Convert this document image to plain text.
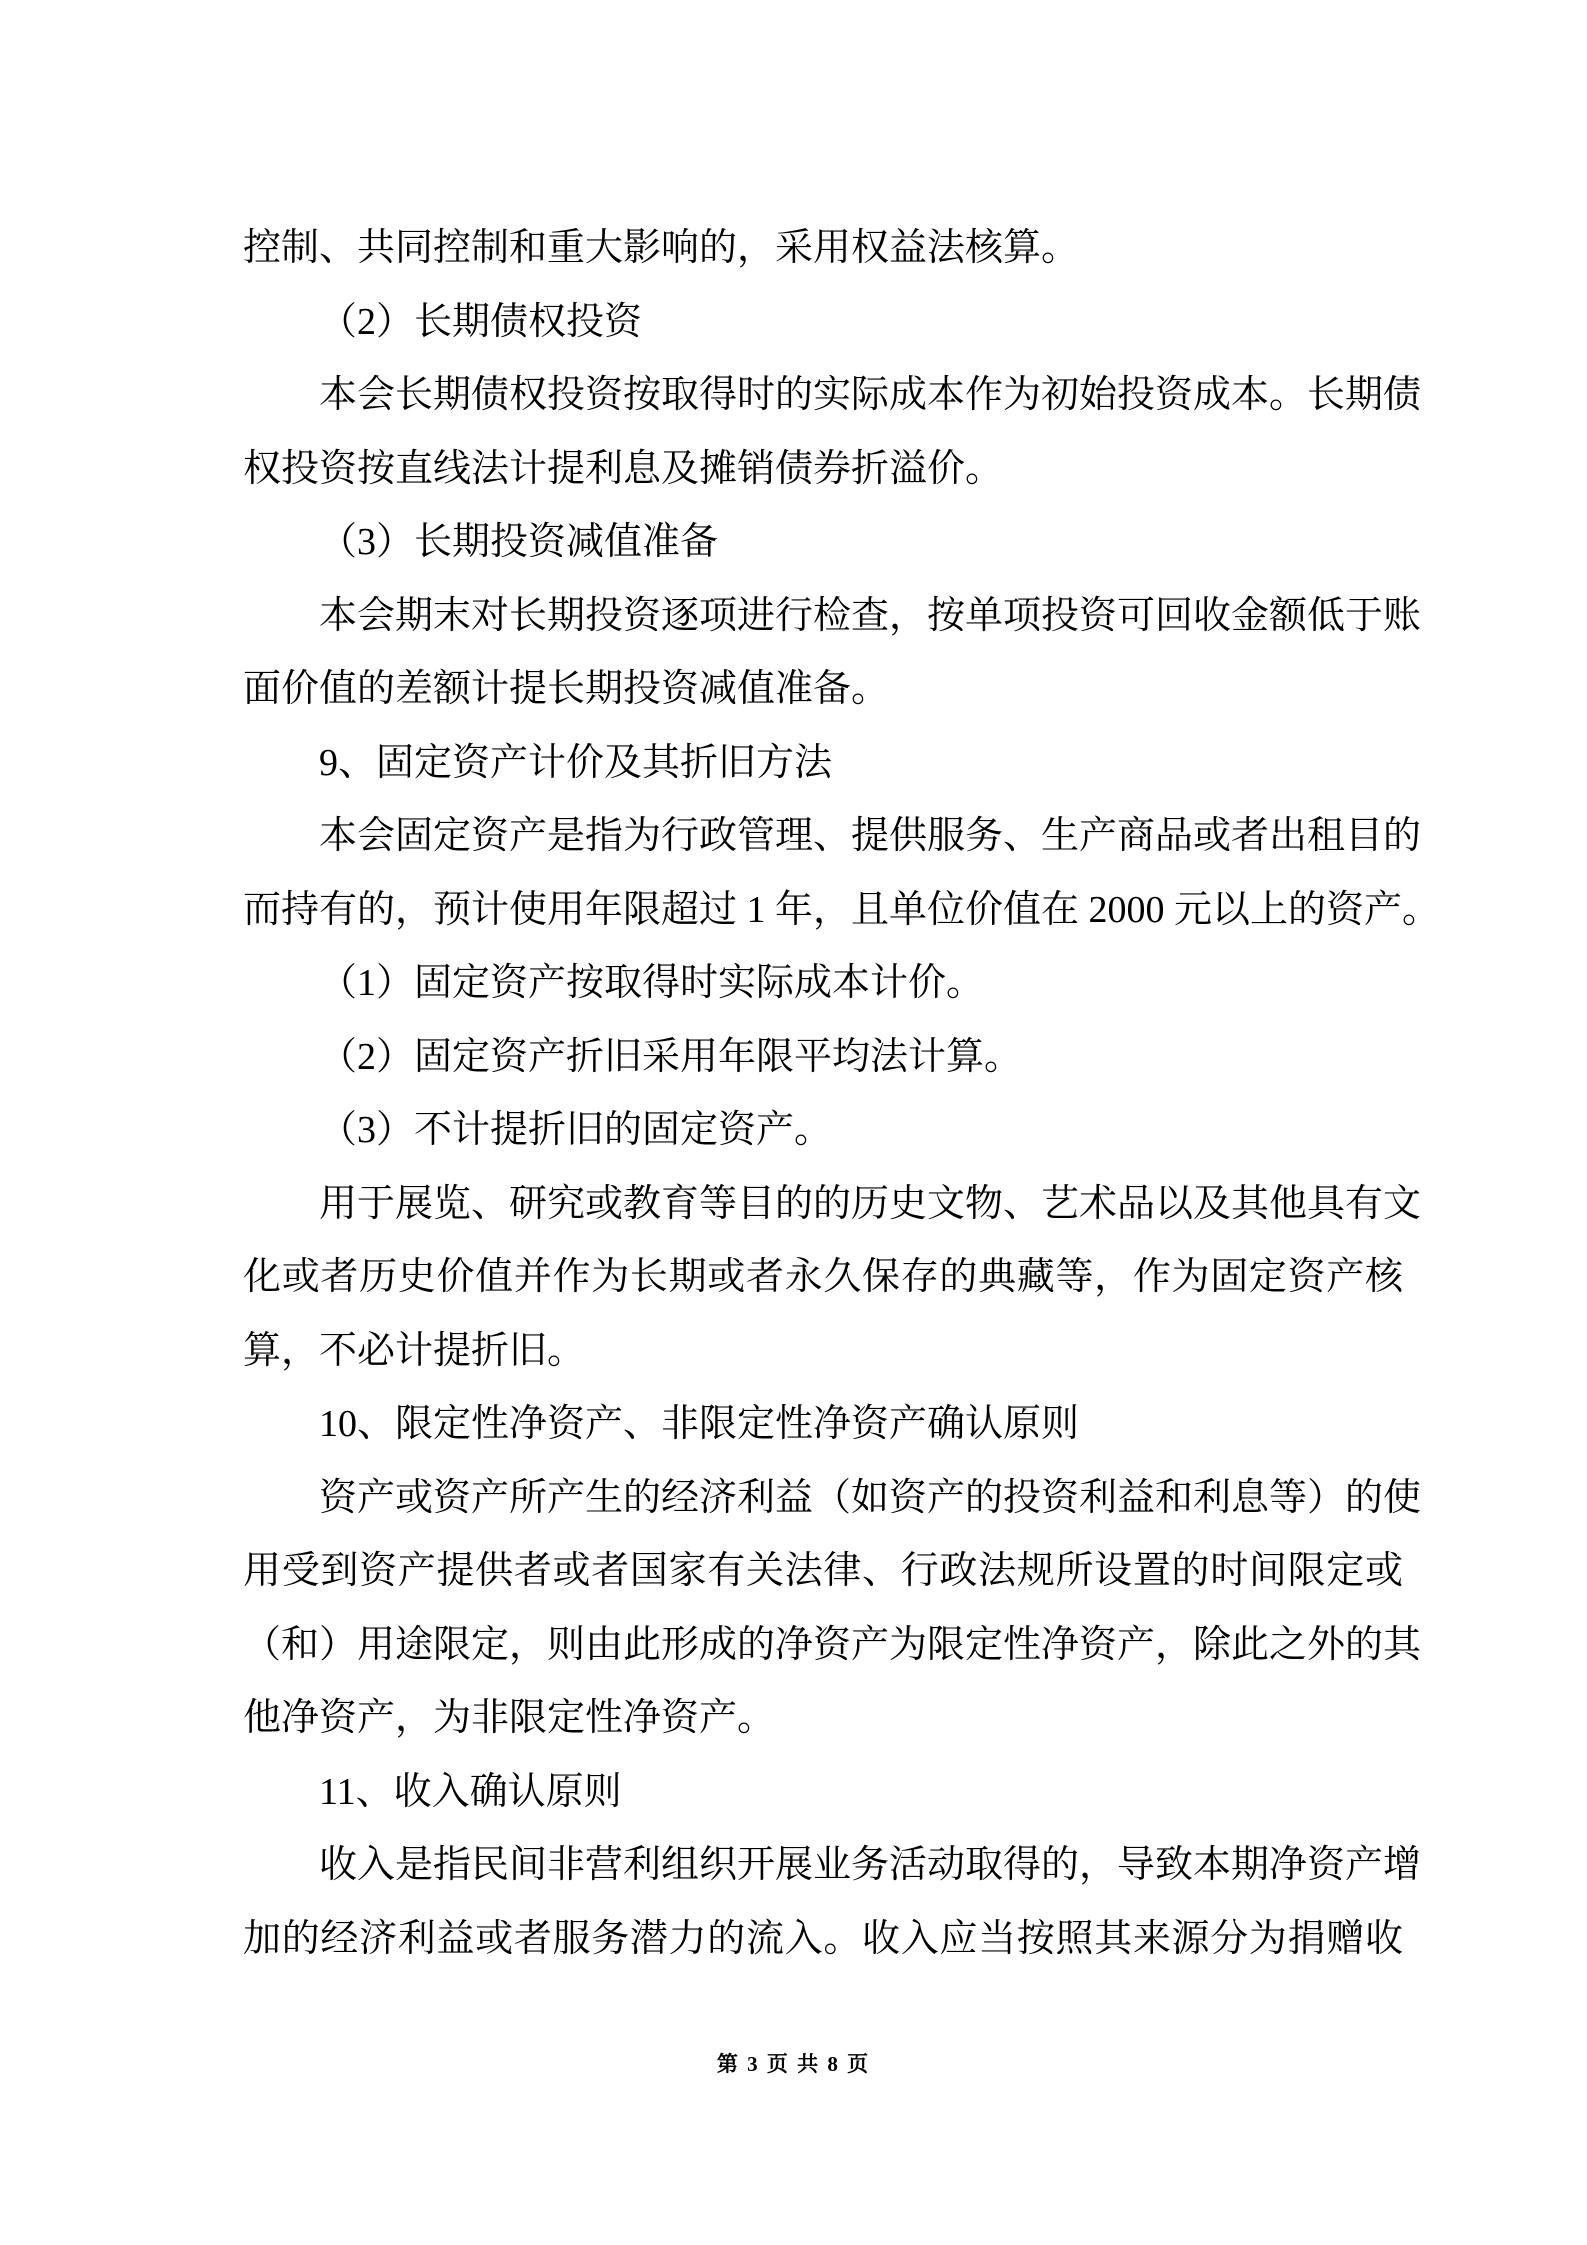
控制、共同控制和重大影响的，采用权益法核算。
（2）长期债权投资
本会长期债权投资按取得时的实际成本作为初始投资成本。长期债
权投资按直线法计提利息及摊销债券折溢价。
（3）长期投资减值准备
本会期末对长期投资逐项进行检查，按单项投资可回收金额低于账
面价值的差额计提长期投资减值准备。
9、固定资产计价及其折旧方法
本会固定资产是指为行政管理、提供服务、生产商品或者出租目的
而持有的，预计使用年限超过 1 年，且单位价值在 2000 元以上的资产。
（1）固定资产按取得时实际成本计价。
（2）固定资产折旧采用年限平均法计算。
（3）不计提折旧的固定资产。
用于展览、研究或教育等目的的历史文物、艺术品以及其他具有文
化或者历史价值并作为长期或者永久保存的典藏等，作为固定资产核
算，不必计提折旧。
10、限定性净资产、非限定性净资产确认原则
资产或资产所产生的经济利益（如资产的投资利益和利息等）的使
用受到资产提供者或者国家有关法律、行政法规所设置的时间限定或
（和）用途限定，则由此形成的净资产为限定性净资产，除此之外的其
他净资产，为非限定性净资产。
11、收入确认原则
收入是指民间非营利组织开展业务活动取得的，导致本期净资产增
加的经济利益或者服务潜力的流入。收入应当按照其来源分为捐赠收
第 3 页 共 8 页
